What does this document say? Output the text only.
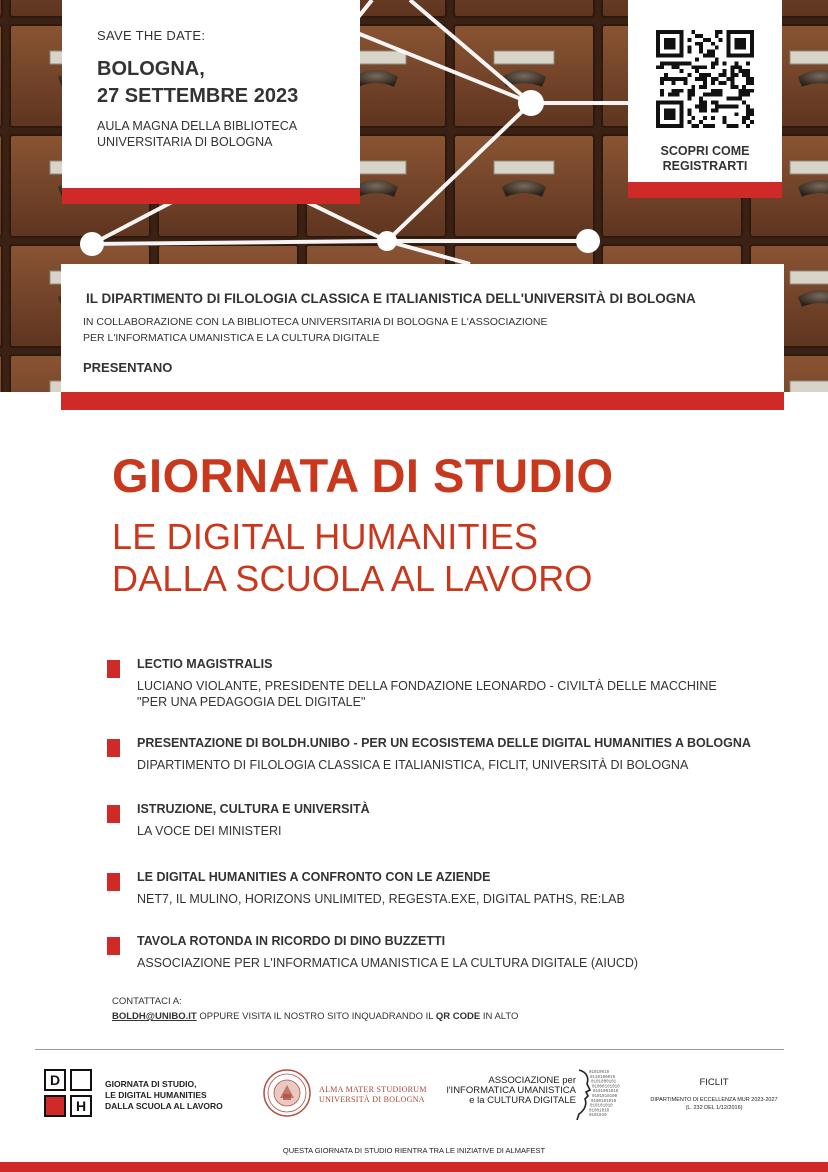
SAVE THE DATE:
BOLOGNA,
27 SETTEMBRE 2023
AULA MAGNA DELLA BIBLIOTECA
UNIVERSITARIA DI BOLOGNA
SCOPRI COME
REGISTRARTI
IL DIPARTIMENTO DI FILOLOGIA CLASSICA E ITALIANISTICA DELL'UNIVERSITÀ DI BOLOGNA
IN COLLABORAZIONE CON LA BIBLIOTECA UNIVERSITARIA DI BOLOGNA E L'ASSOCIAZIONE
PER L'INFORMATICA UMANISTICA E LA CULTURA DIGITALE
PRESENTANO
GIORNATA DI STUDIO
LE DIGITAL HUMANITIES
DALLA SCUOLA AL LAVORO
LECTIO MAGISTRALIS
LUCIANO VIOLANTE, PRESIDENTE DELLA FONDAZIONE LEONARDO - CIVILTÀ DELLE MACCHINE
"PER UNA PEDAGOGIA DEL DIGITALE"
PRESENTAZIONE DI BOLDH.UNIBO - PER UN ECOSISTEMA DELLE DIGITAL HUMANITIES A BOLOGNA
DIPARTIMENTO DI FILOLOGIA CLASSICA E ITALIANISTICA, FICLIT, UNIVERSITÀ DI BOLOGNA
ISTRUZIONE, CULTURA E UNIVERSITÀ
LA VOCE DEI MINISTERI
LE DIGITAL HUMANITIES A CONFRONTO CON LE AZIENDE
NET7, IL MULINO, HORIZONS UNLIMITED, REGESTA.EXE, DIGITAL PATHS, RE:LAB
TAVOLA ROTONDA IN RICORDO DI DINO BUZZETTI
ASSOCIAZIONE PER L'INFORMATICA UMANISTICA E LA CULTURA DIGITALE (AIUCD)
CONTATTACI A:
BOLDH@UNIBO.IT OPPURE VISITA IL NOSTRO SITO INQUADRANDO IL QR CODE IN ALTO
D
H
GIORNATA DI STUDIO,
LE DIGITAL HUMANITIES
DALLA SCUOLA AL LAVORO
ALMA MATER STUDIORUM
UNIVERSITÀ DI BOLOGNA
ASSOCIAZIONE per
l'INFORMATICA UMANISTICA
e la CULTURA DIGITALE
01010010
0110100010
0101000101
01000101010
0101001010
0101010100
0100101010
010101010
01001010
0101010
FICLIT
DIPARTIMENTO DI ECCELLENZA MUR 2023-2027
(L. 232 DEL 1/12/2016)
QUESTA GIORNATA DI STUDIO RIENTRA TRA LE INIZIATIVE DI ALMAFEST
